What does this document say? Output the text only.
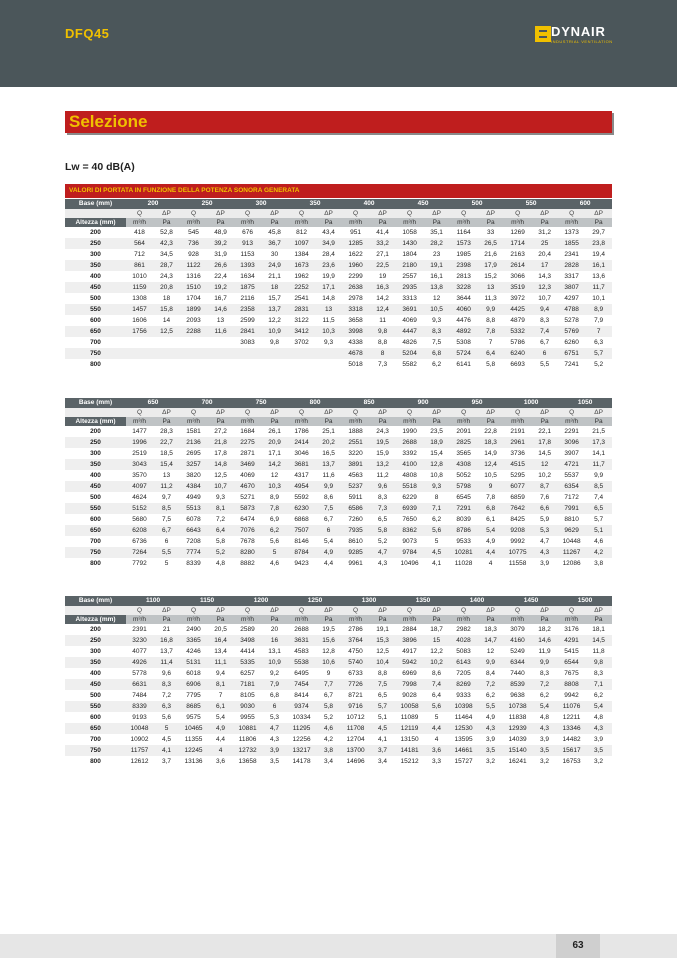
DFQ45	DYNAIR
INDUSTRIAL VENTILATION
Selezione
Lw = 40 dB(A)
VALORI DI PORTATA IN FUNZIONE DELLA POTENZA SONORA GENERATA
Base (mm)	200		250		300		350		400		450		500		550		600	
	Q	ΔP	Q	ΔP	Q	ΔP	Q	ΔP	Q	ΔP	Q	ΔP	Q	ΔP	Q	ΔP	Q	ΔP
Altezza (mm)	m³/h	Pa	m³/h	Pa	m³/h	Pa	m³/h	Pa	m³/h	Pa	m³/h	Pa	m³/h	Pa	m³/h	Pa	m³/h	Pa
200	418	52,8	545	48,9	676	45,8	812	43,4	951	41,4	1058	35,1	1164	33	1269	31,2	1373	29,7
250	564	42,3	736	39,2	913	36,7	1097	34,9	1285	33,2	1430	28,2	1573	26,5	1714	25	1855	23,8
300	712	34,5	928	31,9	1153	30	1384	28,4	1622	27,1	1804	23	1985	21,6	2163	20,4	2341	19,4
350	861	28,7	1122	26,6	1393	24,9	1673	23,6	1960	22,5	2180	19,1	2398	17,9	2614	17	2828	16,1
400	1010	24,3	1316	22,4	1634	21,1	1962	19,9	2299	19	2557	16,1	2813	15,2	3066	14,3	3317	13,6
450	1159	20,8	1510	19,2	1875	18	2252	17,1	2638	16,3	2935	13,8	3228	13	3519	12,3	3807	11,7
500	1308	18	1704	16,7	2116	15,7	2541	14,8	2978	14,2	3313	12	3644	11,3	3972	10,7	4297	10,1
550	1457	15,8	1899	14,6	2358	13,7	2831	13	3318	12,4	3691	10,5	4060	9,9	4425	9,4	4788	8,9
600	1606	14	2093	13	2599	12,2	3122	11,5	3658	11	4069	9,3	4476	8,8	4879	8,3	5278	7,9
650	1756	12,5	2288	11,6	2841	10,9	3412	10,3	3998	9,8	4447	8,3	4892	7,8	5332	7,4	5769	7
700					3083	9,8	3702	9,3	4338	8,8	4826	7,5	5308	7	5786	6,7	6260	6,3
750									4678	8	5204	6,8	5724	6,4	6240	6	6751	5,7
800									5018	7,3	5582	6,2	6141	5,8	6693	5,5	7241	5,2
Base (mm)	650		700		750		800		850		900		950		1000		1050	
	Q	ΔP	Q	ΔP	Q	ΔP	Q	ΔP	Q	ΔP	Q	ΔP	Q	ΔP	Q	ΔP	Q	ΔP
Altezza (mm)	m³/h	Pa	m³/h	Pa	m³/h	Pa	m³/h	Pa	m³/h	Pa	m³/h	Pa	m³/h	Pa	m³/h	Pa	m³/h	Pa
200	1477	28,3	1581	27,2	1684	26,1	1786	25,1	1888	24,3	1990	23,5	2091	22,8	2191	22,1	2291	21,5
250	1996	22,7	2136	21,8	2275	20,9	2414	20,2	2551	19,5	2688	18,9	2825	18,3	2961	17,8	3096	17,3
300	2519	18,5	2695	17,8	2871	17,1	3046	16,5	3220	15,9	3392	15,4	3565	14,9	3736	14,5	3907	14,1
350	3043	15,4	3257	14,8	3469	14,2	3681	13,7	3891	13,2	4100	12,8	4308	12,4	4515	12	4721	11,7
400	3570	13	3820	12,5	4069	12	4317	11,6	4563	11,2	4808	10,8	5052	10,5	5295	10,2	5537	9,9
450	4097	11,2	4384	10,7	4670	10,3	4954	9,9	5237	9,6	5518	9,3	5798	9	6077	8,7	6354	8,5
500	4624	9,7	4949	9,3	5271	8,9	5592	8,6	5911	8,3	6229	8	6545	7,8	6859	7,6	7172	7,4
550	5152	8,5	5513	8,1	5873	7,8	6230	7,5	6586	7,3	6939	7,1	7291	6,8	7642	6,6	7991	6,5
600	5680	7,5	6078	7,2	6474	6,9	6868	6,7	7260	6,5	7650	6,2	8039	6,1	8425	5,9	8810	5,7
650	6208	6,7	6643	6,4	7076	6,2	7507	6	7935	5,8	8362	5,6	8786	5,4	9208	5,3	9629	5,1
700	6736	6	7208	5,8	7678	5,6	8146	5,4	8610	5,2	9073	5	9533	4,9	9992	4,7	10448	4,6
750	7264	5,5	7774	5,2	8280	5	8784	4,9	9285	4,7	9784	4,5	10281	4,4	10775	4,3	11267	4,2
800	7792	5	8339	4,8	8882	4,6	9423	4,4	9961	4,3	10496	4,1	11028	4	11558	3,9	12086	3,8
Base (mm)	1100		1150		1200		1250		1300		1350		1400		1450		1500	
	Q	ΔP	Q	ΔP	Q	ΔP	Q	ΔP	Q	ΔP	Q	ΔP	Q	ΔP	Q	ΔP	Q	ΔP
Altezza (mm)	m³/h	Pa	m³/h	Pa	m³/h	Pa	m³/h	Pa	m³/h	Pa	m³/h	Pa	m³/h	Pa	m³/h	Pa	m³/h	Pa
200	2391	21	2490	20,5	2589	20	2688	19,5	2786	19,1	2884	18,7	2982	18,3	3079	18,2	3176	18,1
250	3230	16,8	3365	16,4	3498	16	3631	15,6	3764	15,3	3896	15	4028	14,7	4160	14,6	4291	14,5
300	4077	13,7	4246	13,4	4414	13,1	4583	12,8	4750	12,5	4917	12,2	5083	12	5249	11,9	5415	11,8
350	4926	11,4	5131	11,1	5335	10,9	5538	10,6	5740	10,4	5942	10,2	6143	9,9	6344	9,9	6544	9,8
400	5778	9,6	6018	9,4	6257	9,2	6495	9	6733	8,8	6969	8,6	7205	8,4	7440	8,3	7675	8,3
450	6631	8,3	6906	8,1	7181	7,9	7454	7,7	7726	7,5	7998	7,4	8269	7,2	8539	7,2	8808	7,1
500	7484	7,2	7795	7	8105	6,8	8414	6,7	8721	6,5	9028	6,4	9333	6,2	9638	6,2	9942	6,2
550	8339	6,3	8685	6,1	9030	6	9374	5,8	9716	5,7	10058	5,6	10398	5,5	10738	5,4	11076	5,4
600	9193	5,6	9575	5,4	9955	5,3	10334	5,2	10712	5,1	11089	5	11464	4,9	11838	4,8	12211	4,8
650	10048	5	10465	4,9	10881	4,7	11295	4,6	11708	4,5	12119	4,4	12530	4,3	12939	4,3	13346	4,3
700	10902	4,5	11355	4,4	11806	4,3	12256	4,2	12704	4,1	13150	4	13595	3,9	14039	3,9	14482	3,9
750	11757	4,1	12245	4	12732	3,9	13217	3,8	13700	3,7	14181	3,6	14661	3,5	15140	3,5	15617	3,5
800	12612	3,7	13136	3,6	13658	3,5	14178	3,4	14696	3,4	15212	3,3	15727	3,2	16241	3,2	16753	3,2
63
